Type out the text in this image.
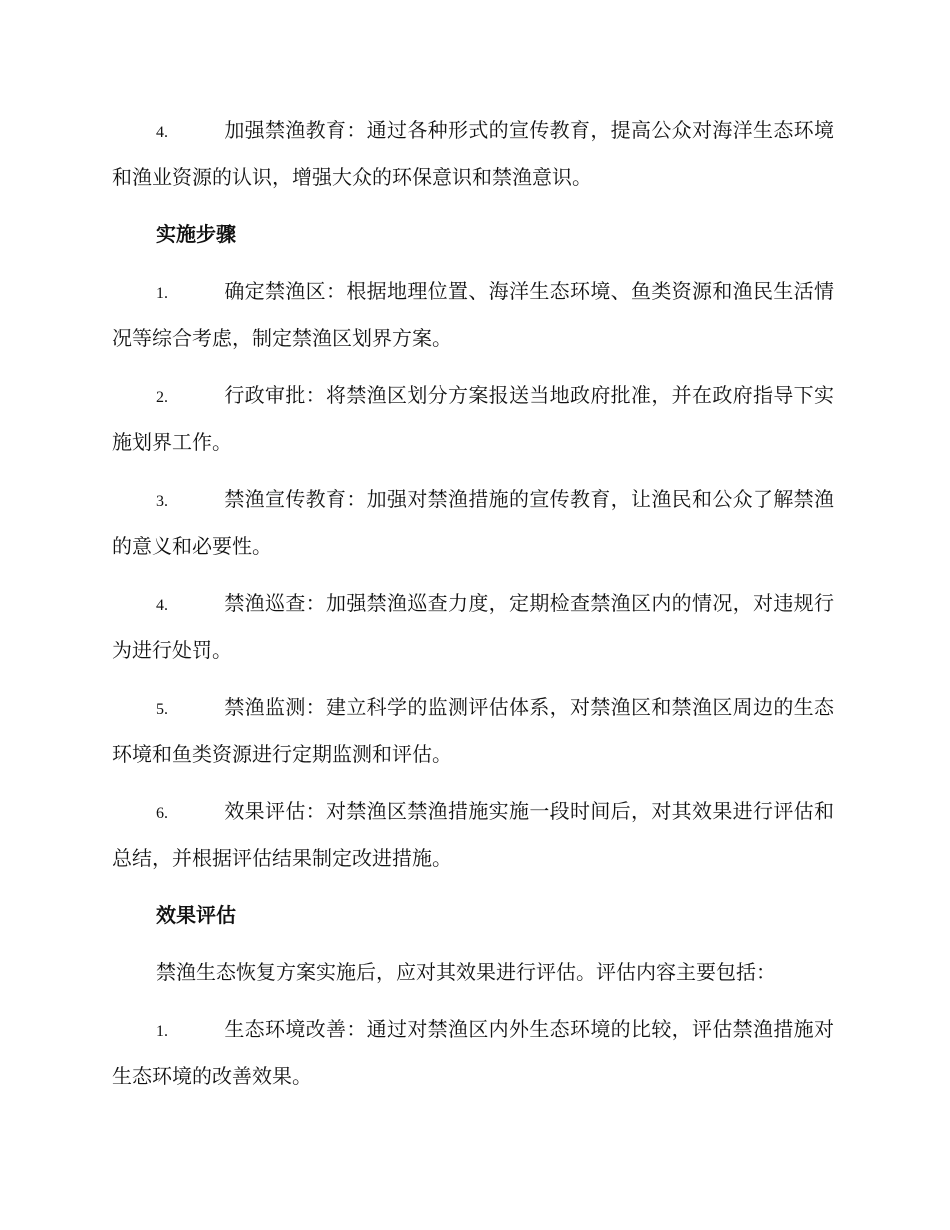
4.	加强禁渔教育：通过各种形式的宣传教育，提高公众对海洋生态环境和渔业资源的认识，增强大众的环保意识和禁渔意识。

实施步骤

1.	确定禁渔区：根据地理位置、海洋生态环境、鱼类资源和渔民生活情况等综合考虑，制定禁渔区划界方案。

2.	行政审批：将禁渔区划分方案报送当地政府批准，并在政府指导下实施划界工作。

3.	禁渔宣传教育：加强对禁渔措施的宣传教育，让渔民和公众了解禁渔的意义和必要性。

4.	禁渔巡查：加强禁渔巡查力度，定期检查禁渔区内的情况，对违规行为进行处罚。

5.	禁渔监测：建立科学的监测评估体系，对禁渔区和禁渔区周边的生态环境和鱼类资源进行定期监测和评估。

6.	效果评估：对禁渔区禁渔措施实施一段时间后，对其效果进行评估和总结，并根据评估结果制定改进措施。

效果评估

禁渔生态恢复方案实施后，应对其效果进行评估。评估内容主要包括：

1.	生态环境改善：通过对禁渔区内外生态环境的比较，评估禁渔措施对生态环境的改善效果。
